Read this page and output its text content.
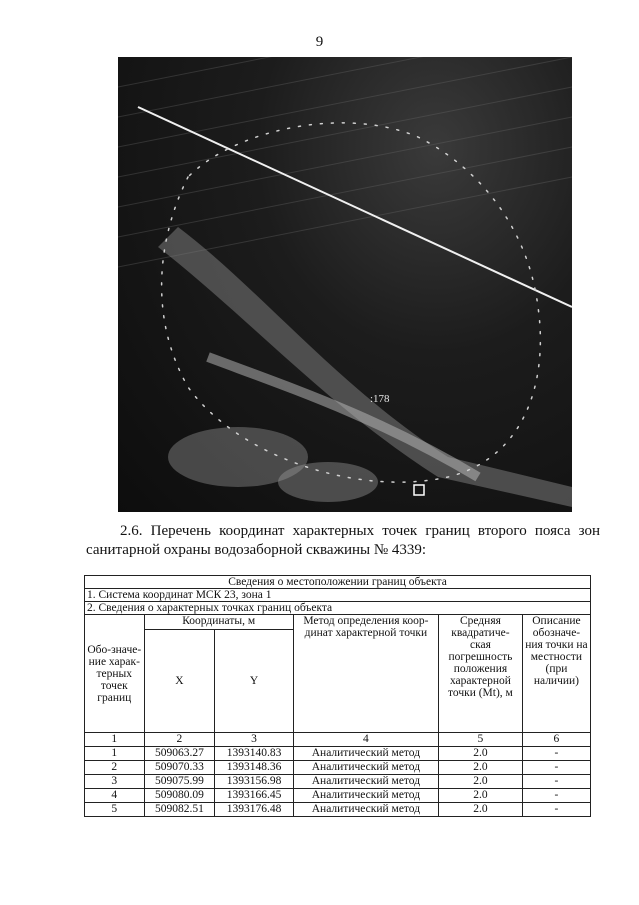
9
:178

2.6. Перечень координат характерных точек границ второго пояса зон санитарной охраны водозаборной скважины № 4339:

Сведения о местоположении границ объекта					
1. Система координат МСК 23, зона 1					
2. Сведения о характерных точках границ объекта					
Обо-значе-ние харак-терных точек границ	Координаты, м		Метод определения коор-динат характерной точки	Средняя квадратиче-ская погрешность положения характерной точки (Mt), м	Описание обозначе-ния точки на местности (при наличии)
	X	Y			
1	2	3	4	5	6
1	509063.27	1393140.83	Аналитический метод	2.0	-
2	509070.33	1393148.36	Аналитический метод	2.0	-
3	509075.99	1393156.98	Аналитический метод	2.0	-
4	509080.09	1393166.45	Аналитический метод	2.0	-
5	509082.51	1393176.48	Аналитический метод	2.0	-
